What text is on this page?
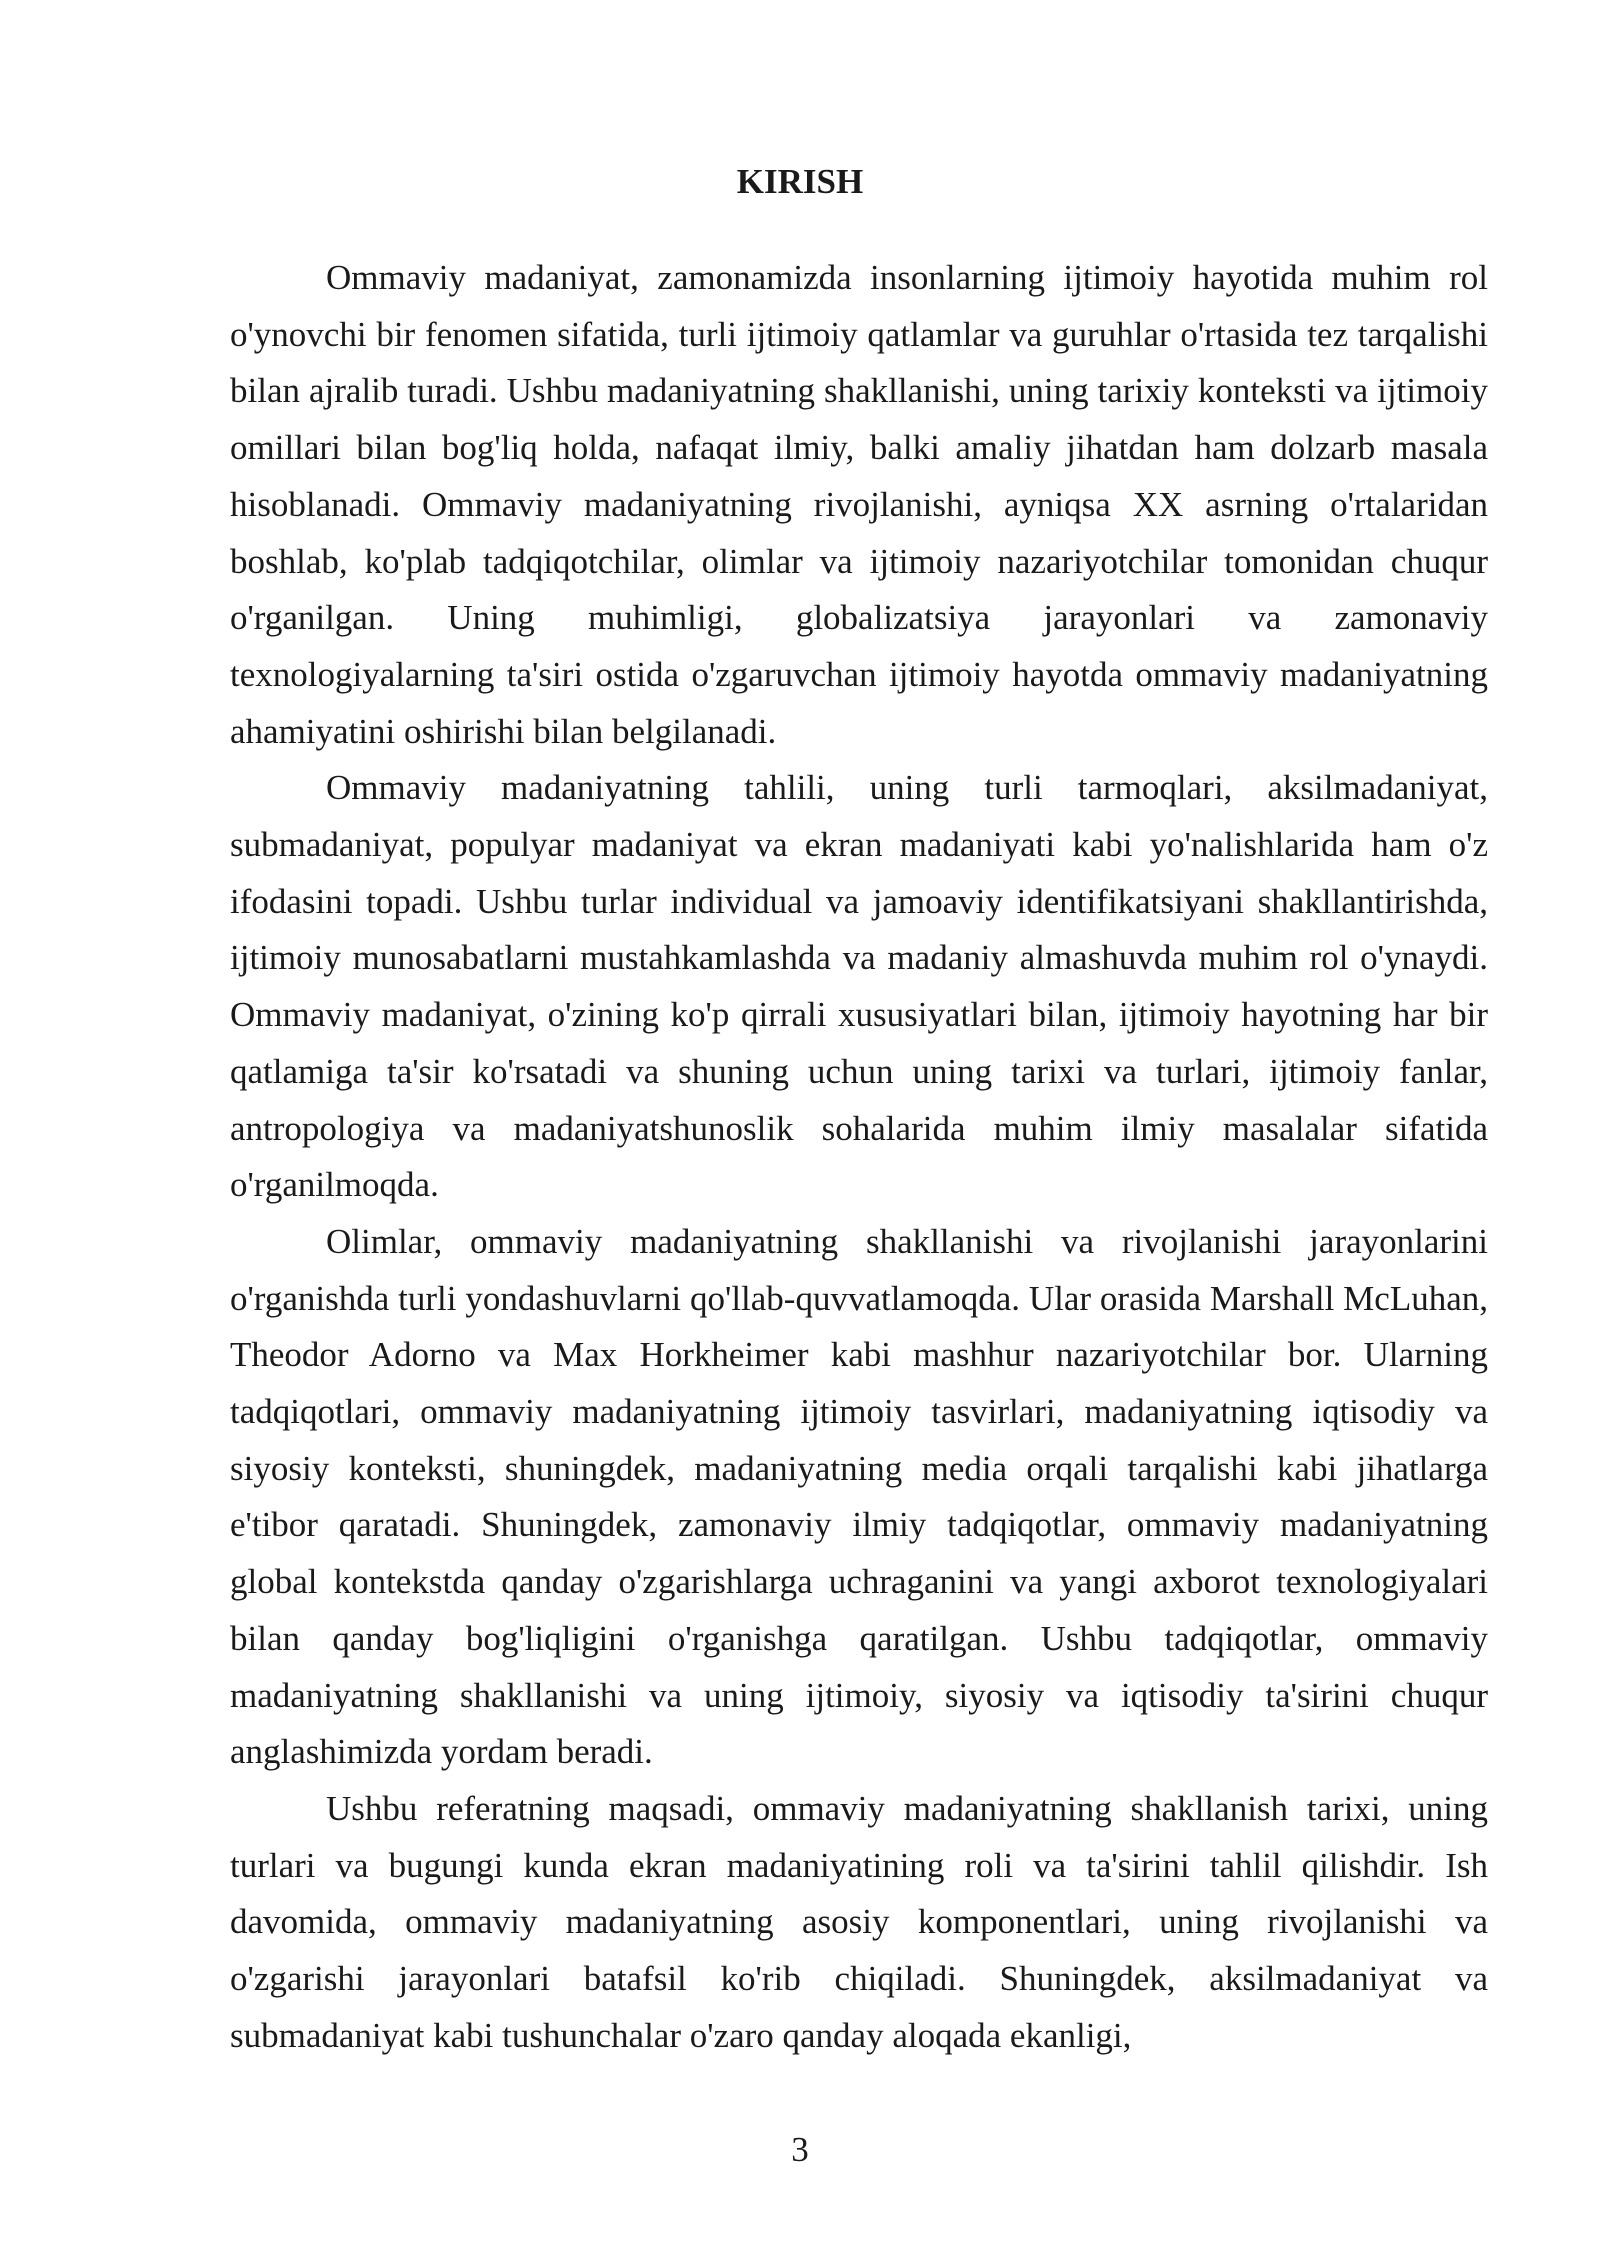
KIRISH

Ommaviy madaniyat, zamonamizda insonlarning ijtimoiy hayotida muhim rol o'ynovchi bir fenomen sifatida, turli ijtimoiy qatlamlar va guruhlar o'rtasida tez tarqalishi bilan ajralib turadi. Ushbu madaniyatning shakllanishi, uning tarixiy konteksti va ijtimoiy omillari bilan bog'liq holda, nafaqat ilmiy, balki amaliy jihatdan ham dolzarb masala hisoblanadi. Ommaviy madaniyatning rivojlanishi, ayniqsa XX asrning o'rtalaridan boshlab, ko'plab tadqiqotchilar, olimlar va ijtimoiy nazariyotchilar tomonidan chuqur o'rganilgan. Uning muhimligi, globalizatsiya jarayonlari va zamonaviy texnologiyalarning ta'siri ostida o'zgaruvchan ijtimoiy hayotda ommaviy madaniyatning ahamiyatini oshirishi bilan belgilanadi.

Ommaviy madaniyatning tahlili, uning turli tarmoqlari, aksilmadaniyat, submadaniyat, populyar madaniyat va ekran madaniyati kabi yo'nalishlarida ham o'z ifodasini topadi. Ushbu turlar individual va jamoaviy identifikatsiyani shakllantirishda, ijtimoiy munosabatlarni mustahkamlashda va madaniy almashuvda muhim rol o'ynaydi. Ommaviy madaniyat, o'zining ko'p qirrali xususiyatlari bilan, ijtimoiy hayotning har bir qatlamiga ta'sir ko'rsatadi va shuning uchun uning tarixi va turlari, ijtimoiy fanlar, antropologiya va madaniyatshunoslik sohalarida muhim ilmiy masalalar sifatida o'rganilmoqda.

Olimlar, ommaviy madaniyatning shakllanishi va rivojlanishi jarayonlarini o'rganishda turli yondashuvlarni qo'llab-quvvatlamoqda. Ular orasida Marshall McLuhan, Theodor Adorno va Max Horkheimer kabi mashhur nazariyotchilar bor. Ularning tadqiqotlari, ommaviy madaniyatning ijtimoiy tasvirlari, madaniyatning iqtisodiy va siyosiy konteksti, shuningdek, madaniyatning media orqali tarqalishi kabi jihatlarga e'tibor qaratadi. Shuningdek, zamonaviy ilmiy tadqiqotlar, ommaviy madaniyatning global kontekstda qanday o'zgarishlarga uchraganini va yangi axborot texnologiyalari bilan qanday bog'liqligini o'rganishga qaratilgan. Ushbu tadqiqotlar, ommaviy madaniyatning shakllanishi va uning ijtimoiy, siyosiy va iqtisodiy ta'sirini chuqur anglashimizda yordam beradi.

Ushbu referatning maqsadi, ommaviy madaniyatning shakllanish tarixi, uning turlari va bugungi kunda ekran madaniyatining roli va ta'sirini tahlil qilishdir. Ish davomida, ommaviy madaniyatning asosiy komponentlari, uning rivojlanishi va o'zgarishi jarayonlari batafsil ko'rib chiqiladi. Shuningdek, aksilmadaniyat va submadaniyat kabi tushunchalar o'zaro qanday aloqada ekanligi,

3
